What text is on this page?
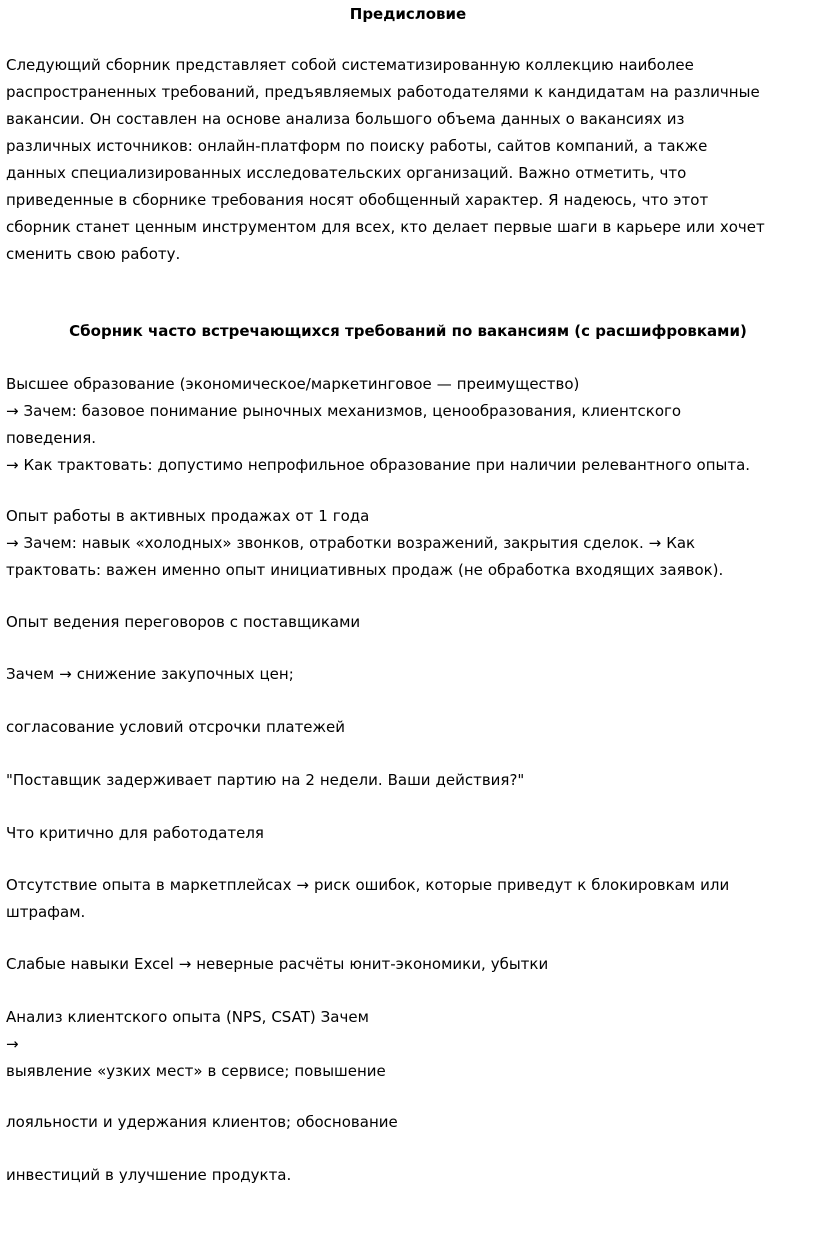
Предисловие
Следующий сборник представляет собой систематизированную коллекцию наиболее
распространенных требований, предъявляемых работодателями к кандидатам на различные
вакансии. Он составлен на основе анализа большого объема данных о вакансиях из
различных источников: онлайн-платформ по поиску работы, сайтов компаний, а также
данных специализированных исследовательских организаций. Важно отметить, что
приведенные в сборнике требования носят обобщенный характер. Я надеюсь, что этот
сборник станет ценным инструментом для всех, кто делает первые шаги в карьере или хочет
сменить свою работу.
Сборник часто встречающихся требований по вакансиям (с расшифровками)
Высшее образование (экономическое/маркетинговое — преимущество)
→ Зачем: базовое понимание рыночных механизмов, ценообразования, клиентского
поведения.
→ Как трактовать: допустимо непрофильное образование при наличии релевантного опыта.
Опыт работы в активных продажах от 1 года
→ Зачем: навык «холодных» звонков, отработки возражений, закрытия сделок. → Как
трактовать: важен именно опыт инициативных продаж (не обработка входящих заявок).
Опыт ведения переговоров с поставщиками
Зачем → снижение закупочных цен;
согласование условий отсрочки платежей
"Поставщик задерживает партию на 2 недели. Ваши действия?"
Что критично для работодателя
Отсутствие опыта в маркетплейсах → риск ошибок, которые приведут к блокировкам или
штрафам.
Слабые навыки Excel → неверные расчёты юнит-экономики, убытки
Анализ клиентского опыта (NPS, CSAT) Зачем
→
выявление «узких мест» в сервисе; повышение
лояльности и удержания клиентов; обоснование
инвестиций в улучшение продукта.
